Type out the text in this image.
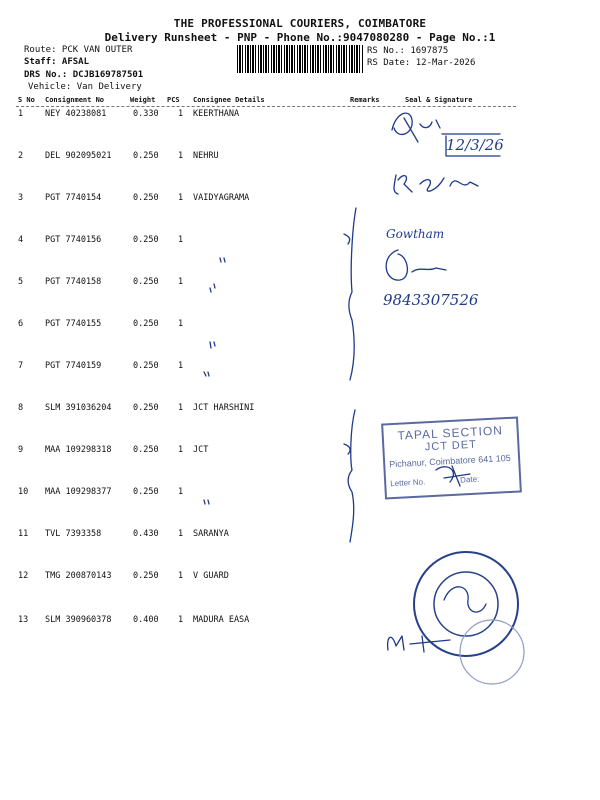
THE PROFESSIONAL COURIERS, COIMBATORE
Delivery Runsheet - PNP - Phone No.:9047080280 - Page No.:1
Route: PCK VAN OUTER
Staff: AFSAL
DRS No.: DCJB169787501
Vehicle: Van Delivery
RS No.: 1697875
RS Date: 12-Mar-2026
S No Consignment No	Weight PCS Consignee Details	Remarks	Seal & Signature
1	NEY 40238081	0.330 1 KEERTHANA
2	DEL 902095021	0.250 1 NEHRU
3	PGT 7740154	0.250 1 VAIDYAGRAMA
4	PGT 7740156	0.250 1
5	PGT 7740158	0.250 1
6	PGT 7740155	0.250 1
7	PGT 7740159	0.250 1
8	SLM 391036204	0.250 1 JCT HARSHINI
9	MAA 109298318	0.250 1 JCT
10 MAA 109298377	0.250 1
11 TVL 7393358	0.430 1 SARANYA
12 TMG 200870143	0.250 1 V GUARD
13 SLM 390960378	0.400 1 MADURA EASA
12/3/26
Gowtham
9843307526
TAPAL SECTION
JCT DET
Pichanur, Coimbatore 641 105
Letter No.	Date:
